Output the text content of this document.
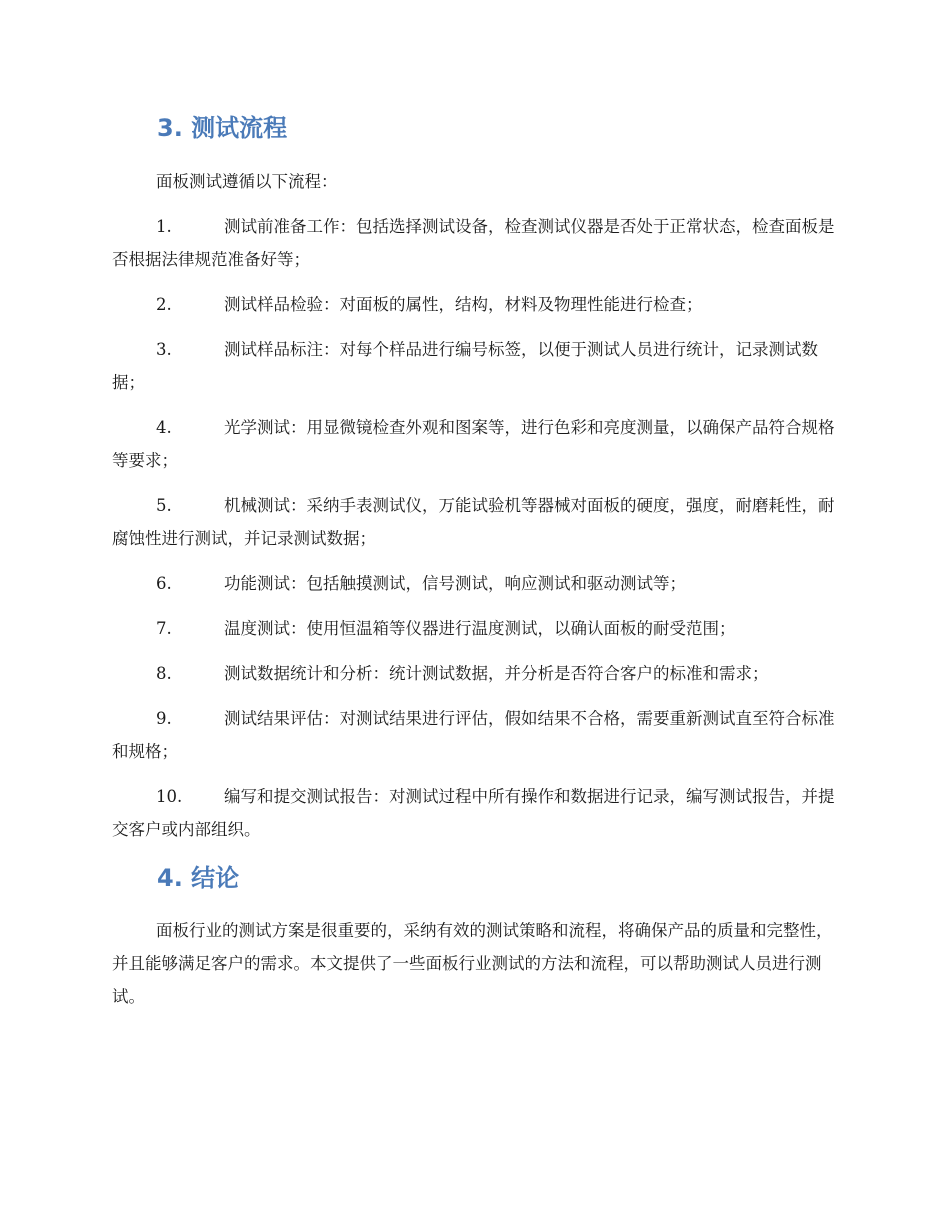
3. 测试流程

面板测试遵循以下流程：

1.	测试前准备工作：包括选择测试设备，检查测试仪器是否处于正常状态，检查面板是否根据法律规范准备好等；
2.	测试样品检验：对面板的属性，结构，材料及物理性能进行检查；
3.	测试样品标注：对每个样品进行编号标签，以便于测试人员进行统计，记录测试数据；
4.	光学测试：用显微镜检查外观和图案等，进行色彩和亮度测量，以确保产品符合规格等要求；
5.	机械测试：采纳手表测试仪，万能试验机等器械对面板的硬度，强度，耐磨耗性，耐腐蚀性进行测试，并记录测试数据；
6.	功能测试：包括触摸测试，信号测试，响应测试和驱动测试等；
7.	温度测试：使用恒温箱等仪器进行温度测试，以确认面板的耐受范围；
8.	测试数据统计和分析：统计测试数据，并分析是否符合客户的标准和需求；
9.	测试结果评估：对测试结果进行评估，假如结果不合格，需要重新测试直至符合标准和规格；
10.	编写和提交测试报告：对测试过程中所有操作和数据进行记录，编写测试报告，并提交客户或内部组织。
4. 结论

面板行业的测试方案是很重要的，采纳有效的测试策略和流程，将确保产品的质量和完整性，并且能够满足客户的需求。本文提供了一些面板行业测试的方法和流程，可以帮助测试人员进行测试。
